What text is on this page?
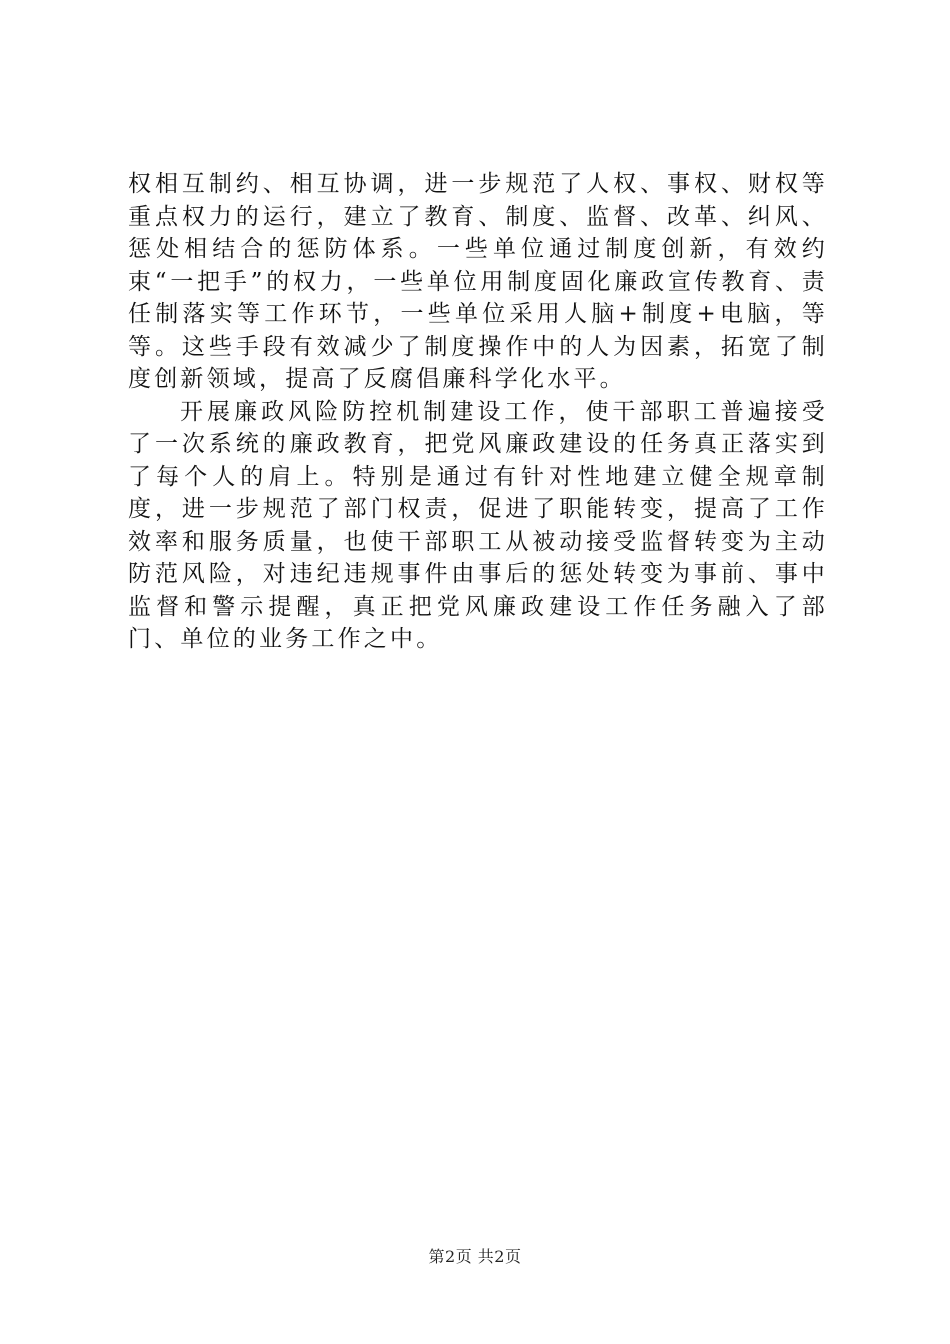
权相互制约、相互协调，进一步规范了人权、事权、财权等重点权力的运行，建立了教育、制度、监督、改革、纠风、惩处相结合的惩防体系。一些单位通过制度创新，有效约束“一把手”的权力，一些单位用制度固化廉政宣传教育、责任制落实等工作环节，一些单位采用人脑+制度+电脑，等等。这些手段有效减少了制度操作中的人为因素，拓宽了制度创新领域，提高了反腐倡廉科学化水平。

开展廉政风险防控机制建设工作，使干部职工普遍接受了一次系统的廉政教育，把党风廉政建设的任务真正落实到了每个人的肩上。特别是通过有针对性地建立健全规章制度，进一步规范了部门权责，促进了职能转变，提高了工作效率和服务质量，也使干部职工从被动接受监督转变为主动防范风险，对违纪违规事件由事后的惩处转变为事前、事中监督和警示提醒，真正把党风廉政建设工作任务融入了部门、单位的业务工作之中。

第2页 共2页
